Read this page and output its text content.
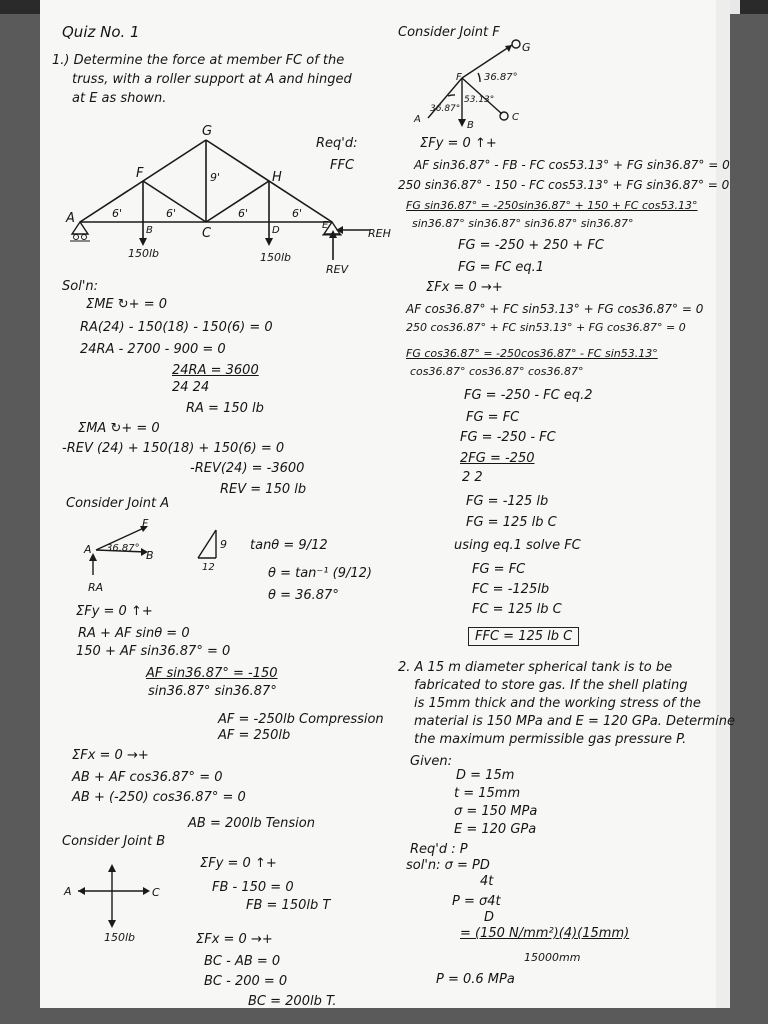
Quiz No. 1
1.) Determine the force at member FC of the
truss, with a roller support at A and hinged
at E as shown.
Req'd:
FFC
A
B	C	D	E
F
G
H
6'	6'	6'	6'
9'
150lb	150lb
REH
REV
Sol'n:
ΣME ↻+ = 0
RA(24) - 150(18) - 150(6) = 0
24RA - 2700 - 900 = 0
24RA = 3600
24 24
RA = 150 lb
ΣMA ↻+ = 0
-REV (24) + 150(18) + 150(6) = 0
-REV(24) = -3600
REV = 150 lb
Consider Joint A
A 36.87°
B
F
RA
9
12
tanθ = 9/12
θ = tan⁻¹ (9/12)
θ = 36.87°
ΣFy = 0 ↑+
RA + AF sinθ = 0
150 + AF sin36.87° = 0
AF sin36.87° = -150
sin36.87° sin36.87°
AF = -250lb Compression
AF = 250lb
ΣFx = 0 →+
AB + AF cos36.87° = 0
AB + (-250) cos36.87° = 0
AB = 200lb Tension
Consider Joint B
A	C
150lb
ΣFy = 0 ↑+
FB - 150 = 0
FB = 150lb T
ΣFx = 0 →+
BC - AB = 0
BC - 200 = 0
BC = 200lb T.
Consider Joint F
G
F 36.87°
53.13°
36.87°
A
B
C
ΣFy = 0 ↑+
AF sin36.87° - FB - FC cos53.13° + FG sin36.87° = 0
250 sin36.87° - 150 - FC cos53.13° + FG sin36.87° = 0
FG sin36.87° = -250sin36.87° + 150 + FC cos53.13°
sin36.87° sin36.87° sin36.87° sin36.87°
FG = -250 + 250 + FC
FG = FC eq.1
ΣFx = 0 →+
AF cos36.87° + FC sin53.13° + FG cos36.87° = 0
250 cos36.87° + FC sin53.13° + FG cos36.87° = 0
FG cos36.87° = -250cos36.87° - FC sin53.13°
cos36.87° cos36.87° cos36.87°
FG = -250 - FC eq.2
FG = FC
FG = -250 - FC
2FG = -250
2 2
FG = -125 lb
FG = 125 lb C
using eq.1 solve FC
FG = FC
FC = -125lb
FC = 125 lb C
FFC = 125 lb C
2. A 15 m diameter spherical tank is to be
fabricated to store gas. If the shell plating
is 15mm thick and the working stress of the
material is 150 MPa and E = 120 GPa. Determine
the maximum permissible gas pressure P.
Given:
D = 15m
t = 15mm
σ = 150 MPa
E = 120 GPa
Req'd : P
sol'n: σ = PD
4t
P = σ4t
D
= (150 N/mm²)(4)(15mm)
15000mm
P = 0.6 MPa
